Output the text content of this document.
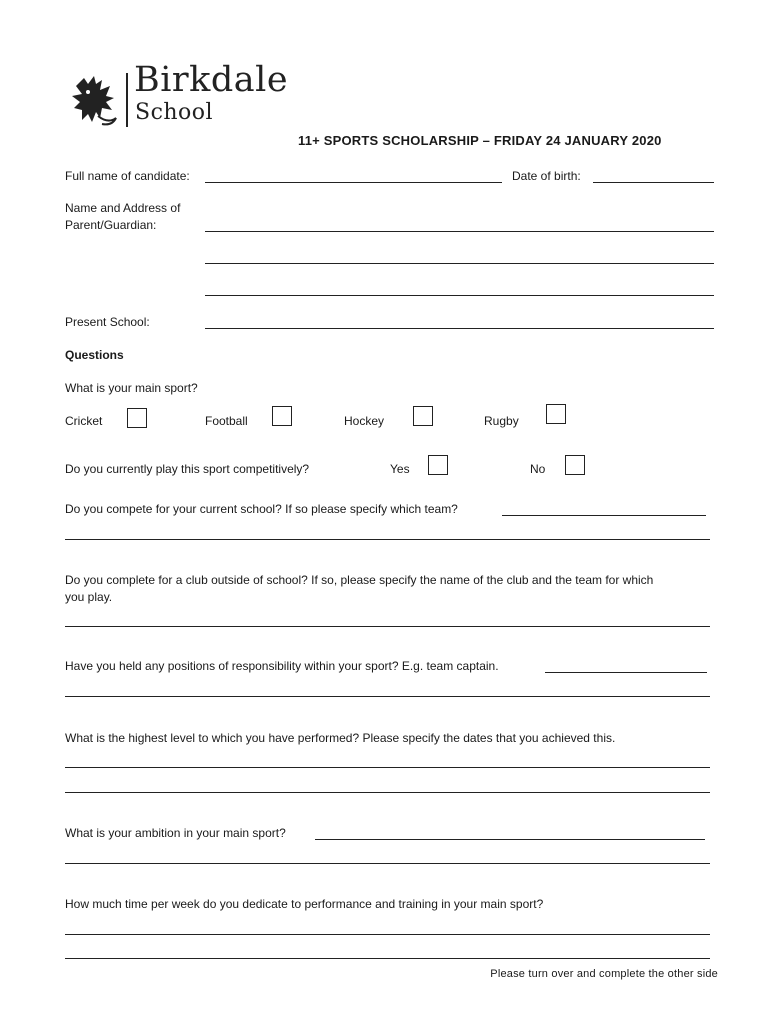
Birkdale
School
11+ SPORTS SCHOLARSHIP – FRIDAY 24 JANUARY 2020
Full name of candidate:	Date of birth:
Name and Address of
Parent/Guardian:
Present School:
Questions
What is your main sport?
Cricket	Football	Hockey	Rugby
Do you currently play this sport competitively?	Yes	No
Do you compete for your current school? If so please specify which team?
Do you complete for a club outside of school? If so, please specify the name of the club and the team for which
you play.
Have you held any positions of responsibility within your sport? E.g. team captain.
What is the highest level to which you have performed? Please specify the dates that you achieved this.
What is your ambition in your main sport?
How much time per week do you dedicate to performance and training in your main sport?
Please turn over and complete the other side
